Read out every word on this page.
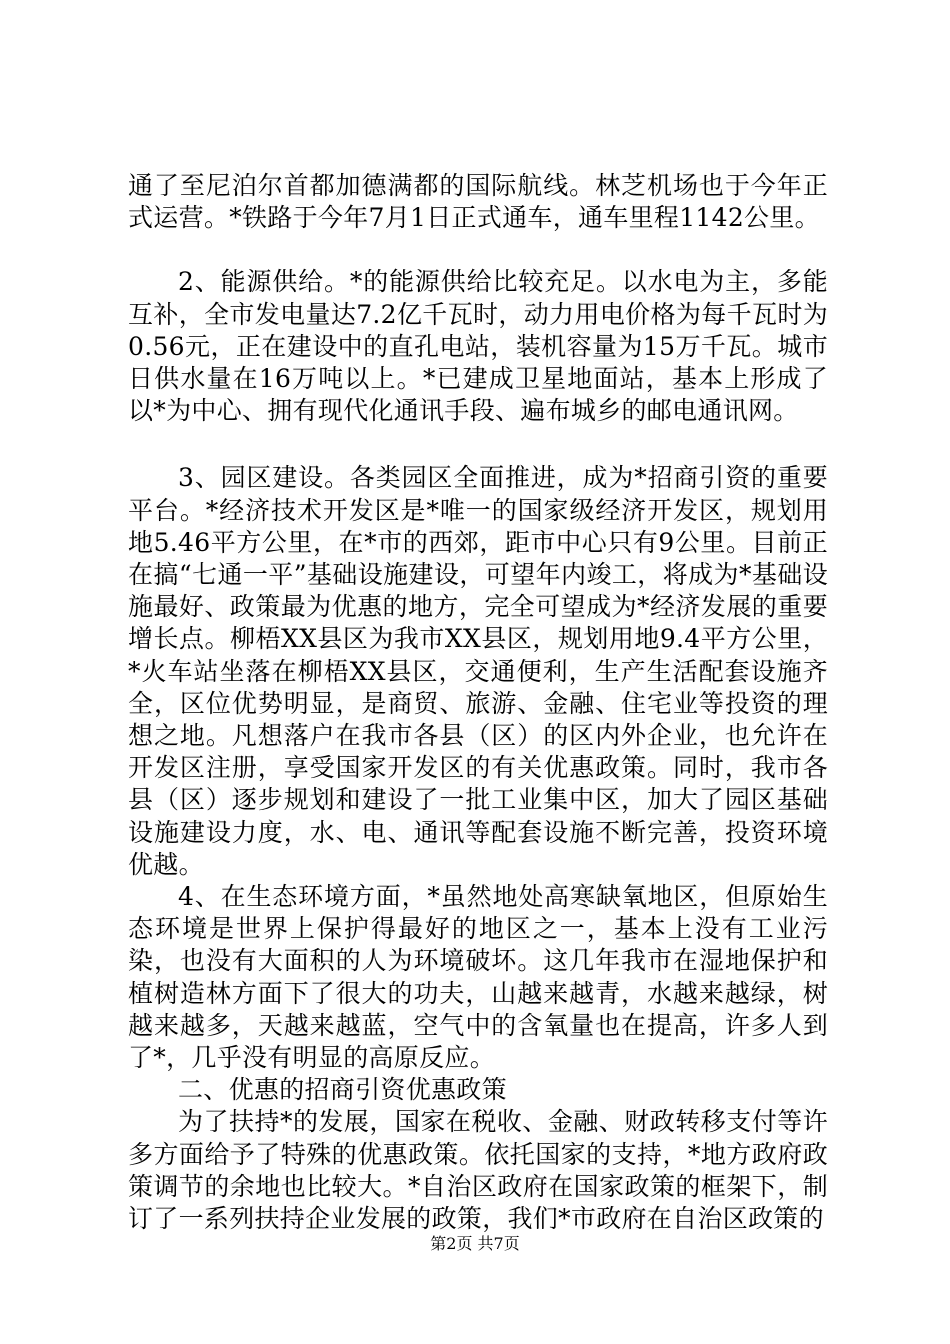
通了至尼泊尔首都加德满都的国际航线。林芝机场也于今年正式运营。*铁路于今年7月1日正式通车，通车里程1142公里。

2、能源供给。*的能源供给比较充足。以水电为主，多能互补，全市发电量达7.2亿千瓦时，动力用电价格为每千瓦时为0.56元，正在建设中的直孔电站，装机容量为15万千瓦。城市日供水量在16万吨以上。*已建成卫星地面站，基本上形成了以*为中心、拥有现代化通讯手段、遍布城乡的邮电通讯网。

3、园区建设。各类园区全面推进，成为*招商引资的重要平台。*经济技术开发区是*唯一的国家级经济开发区，规划用地5.46平方公里，在*市的西郊，距市中心只有9公里。目前正在搞“七通一平”基础设施建设，可望年内竣工，将成为*基础设施最好、政策最为优惠的地方，完全可望成为*经济发展的重要增长点。柳梧XX县区为我市XX县区，规划用地9.4平方公里，*火车站坐落在柳梧XX县区，交通便利，生产生活配套设施齐全，区位优势明显，是商贸、旅游、金融、住宅业等投资的理想之地。凡想落户在我市各县（区）的区内外企业，也允许在开发区注册，享受国家开发区的有关优惠政策。同时，我市各县（区）逐步规划和建设了一批工业集中区，加大了园区基础设施建设力度，水、电、通讯等配套设施不断完善，投资环境优越。

4、在生态环境方面，*虽然地处高寒缺氧地区，但原始生态环境是世界上保护得最好的地区之一，基本上没有工业污染，也没有大面积的人为环境破坏。这几年我市在湿地保护和植树造林方面下了很大的功夫，山越来越青，水越来越绿，树越来越多，天越来越蓝，空气中的含氧量也在提高，许多人到了*，几乎没有明显的高原反应。

二、优惠的招商引资优惠政策

为了扶持*的发展，国家在税收、金融、财政转移支付等许多方面给予了特殊的优惠政策。依托国家的支持，*地方政府政策调节的余地也比较大。*自治区政府在国家政策的框架下，制订了一系列扶持企业发展的政策，我们*市政府在自治区政策的

第2页 共7页
